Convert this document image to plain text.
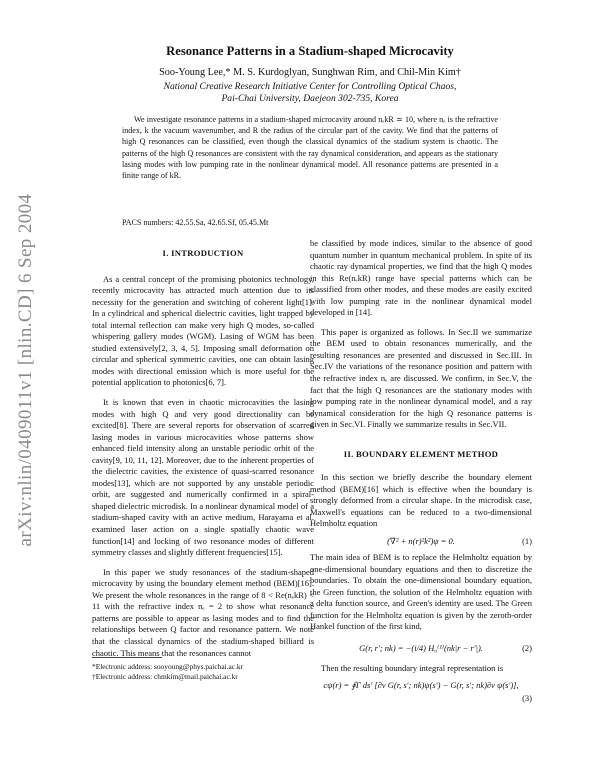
arXiv:nlin/0409011v1 [nlin.CD] 6 Sep 2004
Resonance Patterns in a Stadium-shaped Microcavity
Soo-Young Lee,* M. S. Kurdoglyan, Sunghwan Rim, and Chil-Min Kim†
National Creative Research Initiative Center for Controlling Optical Chaos,
Pai-Chai University, Daejeon 302-735, Korea

We investigate resonance patterns in a stadium-shaped microcavity around nₑkR ≃ 10, where nₑ is the refractive index, k the vacuum wavenumber, and R the radius of the circular part of the cavity. We find that the patterns of high Q resonances can be classified, even though the classical dynamics of the stadium system is chaotic. The patterns of the high Q resonances are consistent with the ray dynamical consideration, and appears as the stationary lasing modes with low pumping rate in the nonlinear dynamical model. All resonance patterns are presented in a finite range of kR.

PACS numbers: 42.55.Sa, 42.65.Sf, 05.45.Mt
I. INTRODUCTION

As a central concept of the promising photonics technology, recently microcavity has attracted much attention due to its necessity for the generation and switching of coherent light[1]. In a cylindrical and spherical dielectric cavities, light trapped by total internal reflection can make very high Q modes, so-called whispering gallery modes (WGM). Lasing of WGM has been studied extensively[2, 3, 4, 5]. Imposing small deformation on circular and spherical symmetric cavities, one can obtain lasing modes with directional emission which is more useful for the potential application to photonics[6, 7].

It is known that even in chaotic microcavities the lasing modes with high Q and very good directionality can be excited[8]. There are several reports for observation of scarred lasing modes in various microcavities whose patterns show enhanced field intensity along an unstable periodic orbit of the cavity[9, 10, 11, 12]. Moreover, due to the inherent properties of the dielectric cavities, the existence of quasi-scarred resonance modes[13], which are not supported by any unstable periodic orbit, are suggested and numerically confirmed in a spiral-shaped dielectric microdisk. In a nonlinear dynamical model of a stadium-shaped cavity with an active medium, Harayama et al. examined laser action on a single spatially chaotic wave function[14] and locking of two resonance modes of different symmetry classes and slightly different frequencies[15].

In this paper we study resonances of the stadium-shaped microcavity by using the boundary element method (BEM)[16]. We present the whole resonances in the range of 8 < Re(nₑkR) < 11 with the refractive index nₑ = 2 to show what resonance patterns are possible to appear as lasing modes and to find the relationships between Q factor and resonance pattern. We note that the classical dynamics of the stadium-shaped billiard is chaotic. This means that the resonances cannot

be classified by mode indices, similar to the absence of good quantum number in quantum mechanical problem. In spite of its chaotic ray dynamical properties, we find that the high Q modes in this Re(nₑkR) range have special patterns which can be classified from other modes, and these modes are easily excited with low pumping rate in the nonlinear dynamical model developed in [14].

This paper is organized as follows. In Sec.II we summarize the BEM used to obtain resonances numerically, and the resulting resonances are presented and discussed in Sec.III. In Sec.IV the variations of the resonance position and pattern with the refractive index nₑ are discussed. We confirm, in Sec.V, the fact that the high Q resonances are the stationary modes with low pumping rate in the nonlinear dynamical model, and a ray dynamical consideration for the high Q resonance patterns is given in Sec.VI. Finally we summarize results in Sec.VII.

II. BOUNDARY ELEMENT METHOD

In this section we briefly describe the boundary element method (BEM)[16] which is effective when the boundary is strongly deformed from a circular shape. In the microdisk case, Maxwell's equations can be reduced to a two-dimensional Helmholtz equation

(∇² + n(r)²k²)ψ = 0.	(1)

The main idea of BEM is to replace the Helmholtz equation by one-dimensional boundary equations and then to discretize the boundaries. To obtain the one-dimensional boundary equation, the Green function, the solution of the Helmholtz equation with a delta function source, and Green's identity are used. The Green function for the Helmholtz equation is given by the zeroth-order Hankel function of the first kind,

G(r, r′; nk) = −(i/4) H₀⁽¹⁾(nk|r − r′|).	(2)

Then the resulting boundary integral representation is

cψ(r) = ∮Γ ds′ [∂ν G(r, s′; nk)ψ(s′) − G(r, s′; nk)∂ν ψ(s′)],
(3)
*Electronic address: sooyoung@phys.paichai.ac.kr
†Electronic address: chmkim@mail.paichai.ac.kr
